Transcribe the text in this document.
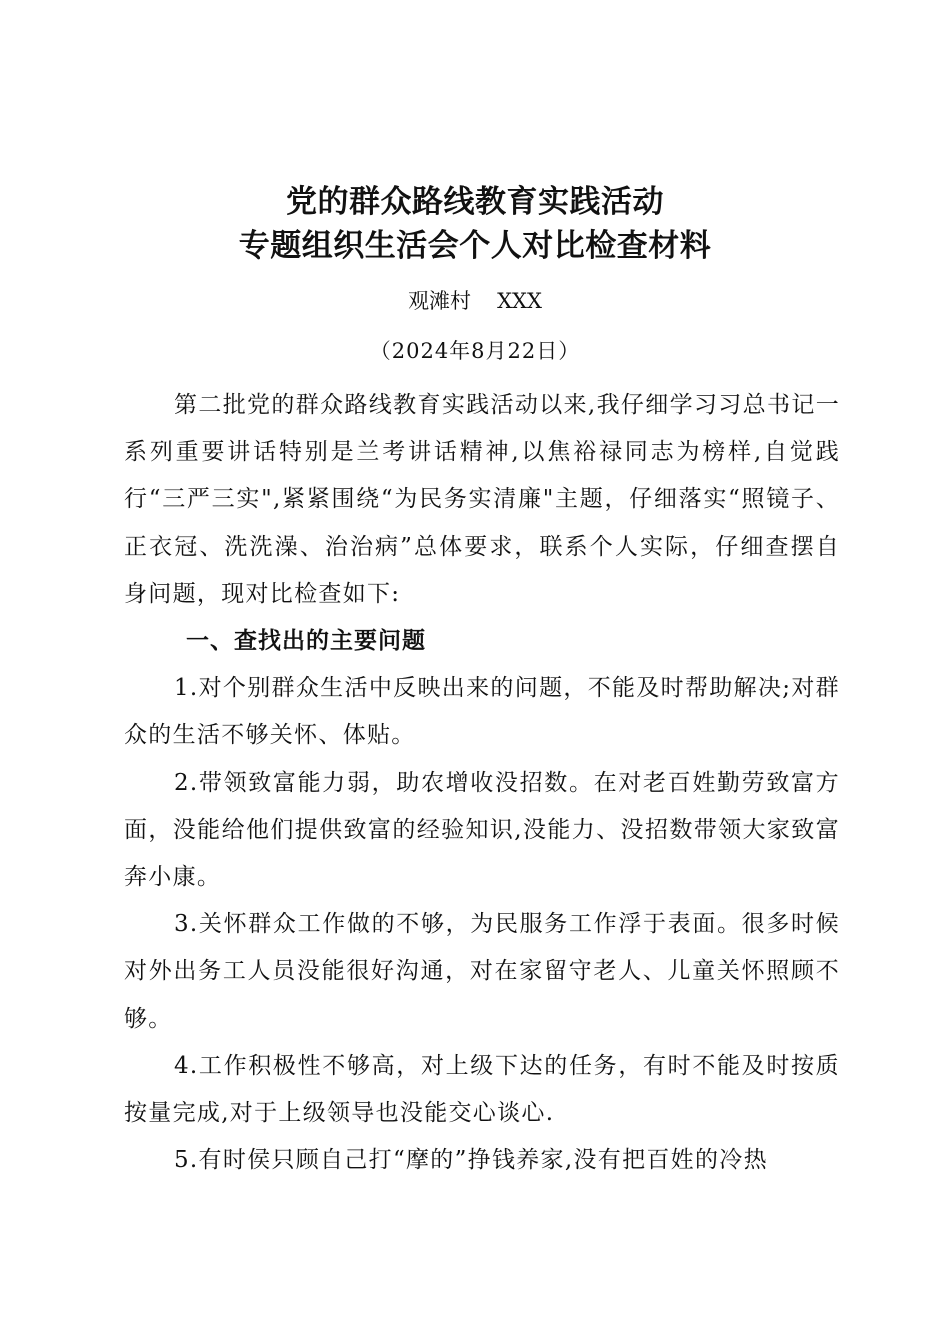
党的群众路线教育实践活动
专题组织生活会个人对比检查材料
观滩村 XXX
（2024年8月22日）

第二批党的群众路线教育实践活动以来,我仔细学习习总书记一系列重要讲话特别是兰考讲话精神,以焦裕禄同志为榜样,自觉践行“三严三实",紧紧围绕“为民务实清廉"主题，仔细落实“照镜子、正衣冠、洗洗澡、治治病”总体要求，联系个人实际，仔细查摆自身问题，现对比检查如下:

一、查找出的主要问题

1.对个别群众生活中反映出来的问题，不能及时帮助解决;对群众的生活不够关怀、体贴。

2.带领致富能力弱，助农增收没招数。在对老百姓勤劳致富方面，没能给他们提供致富的经验知识,没能力、没招数带领大家致富奔小康。

3.关怀群众工作做的不够，为民服务工作浮于表面。很多时候对外出务工人员没能很好沟通，对在家留守老人、儿童关怀照顾不够。

4.工作积极性不够高，对上级下达的任务，有时不能及时按质按量完成,对于上级领导也没能交心谈心.

5.有时侯只顾自己打“摩的”挣钱养家,没有把百姓的冷热
